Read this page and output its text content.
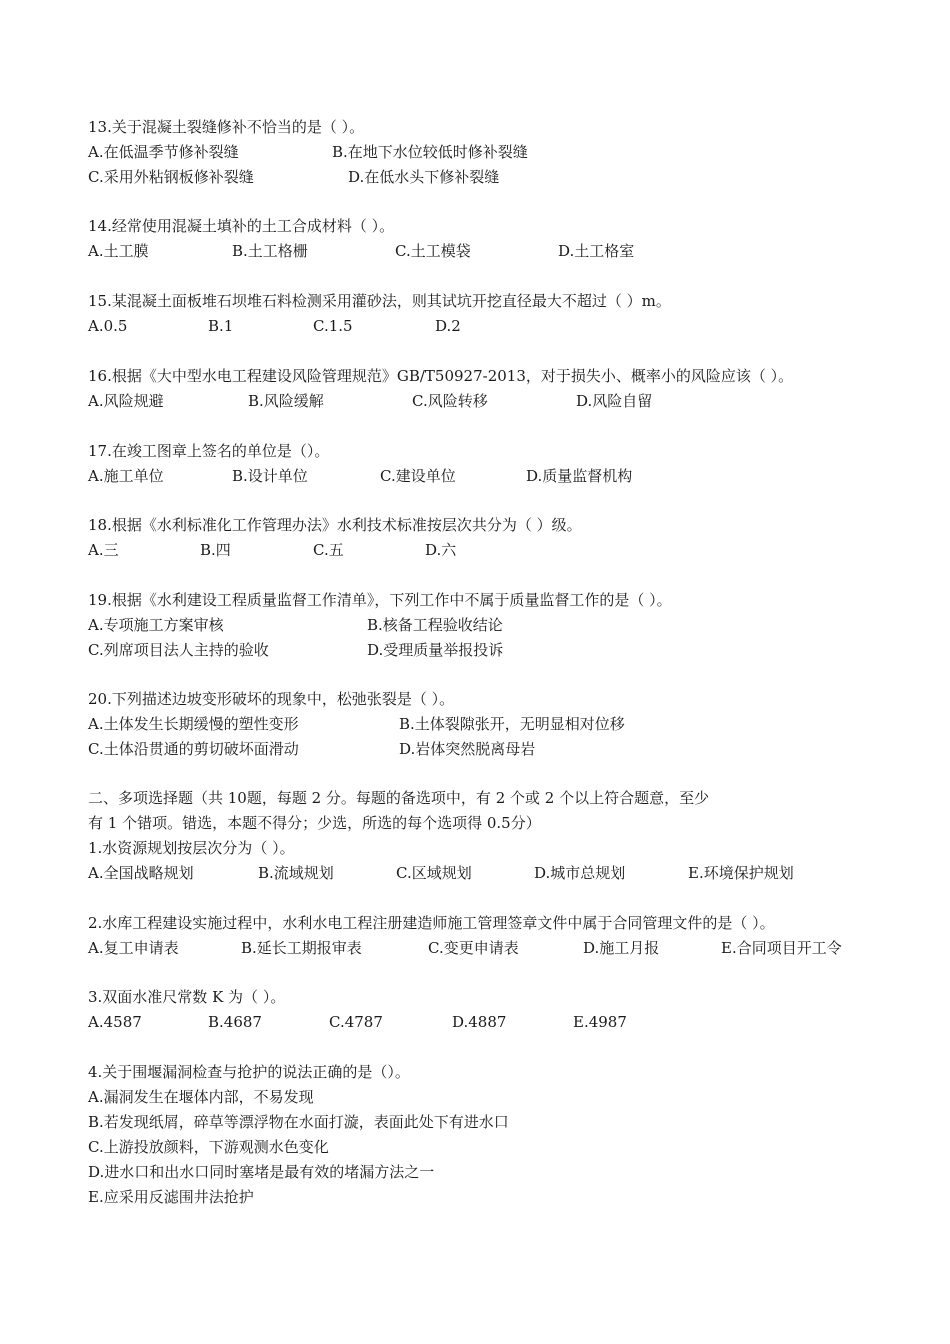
13.关于混凝土裂缝修补不恰当的是（ ）。
A.在低温季节修补裂缝	B.在地下水位较低时修补裂缝
C.采用外粘钢板修补裂缝	D.在低水头下修补裂缝
14.经常使用混凝土填补的土工合成材料（ ）。
A.土工膜	B.土工格栅	C.土工模袋	D.土工格室
15.某混凝土面板堆石坝堆石料检测采用灌砂法，则其试坑开挖直径最大不超过（ ）m。
A.0.5	B.1	C.1.5	D.2
16.根据《大中型水电工程建设风险管理规范》GB/T50927-2013，对于损失小、概率小的风险应该（ ）。
A.风险规避	B.风险缓解	C.风险转移	D.风险自留
17.在竣工图章上签名的单位是（）。
A.施工单位	B.设计单位	C.建设单位	D.质量监督机构
18.根据《水利标准化工作管理办法》水利技术标准按层次共分为（ ）级。
A.三	B.四	C.五	D.六
19.根据《水利建设工程质量监督工作清单》，下列工作中不属于质量监督工作的是（ ）。
A.专项施工方案审核	B.核备工程验收结论
C.列席项目法人主持的验收	D.受理质量举报投诉
20.下列描述边坡变形破坏的现象中，松弛张裂是（ ）。
A.土体发生长期缓慢的塑性变形	B.土体裂隙张开，无明显相对位移
C.土体沿贯通的剪切破坏面滑动	D.岩体突然脱离母岩
二、多项选择题（共 10题，每题 2 分。每题的备选项中，有 2 个或 2 个以上符合题意，至少
有 1 个错项。错选，本题不得分；少选，所选的每个选项得 0.5分）
1.水资源规划按层次分为（ ）。
A.全国战略规划	B.流域规划	C.区域规划	D.城市总规划	E.环境保护规划
2.水库工程建设实施过程中，水利水电工程注册建造师施工管理签章文件中属于合同管理文件的是（ ）。
A.复工申请表	B.延长工期报审表	C.变更申请表	D.施工月报	E.合同项目开工令
3.双面水准尺常数 K 为（ ）。
A.4587	B.4687	C.4787	D.4887	E.4987
4.关于围堰漏洞检查与抢护的说法正确的是（）。
A.漏洞发生在堰体内部，不易发现
B.若发现纸屑，碎草等漂浮物在水面打漩，表面此处下有进水口
C.上游投放颜料，下游观测水色变化
D.进水口和出水口同时塞堵是最有效的堵漏方法之一
E.应采用反滤围井法抢护
